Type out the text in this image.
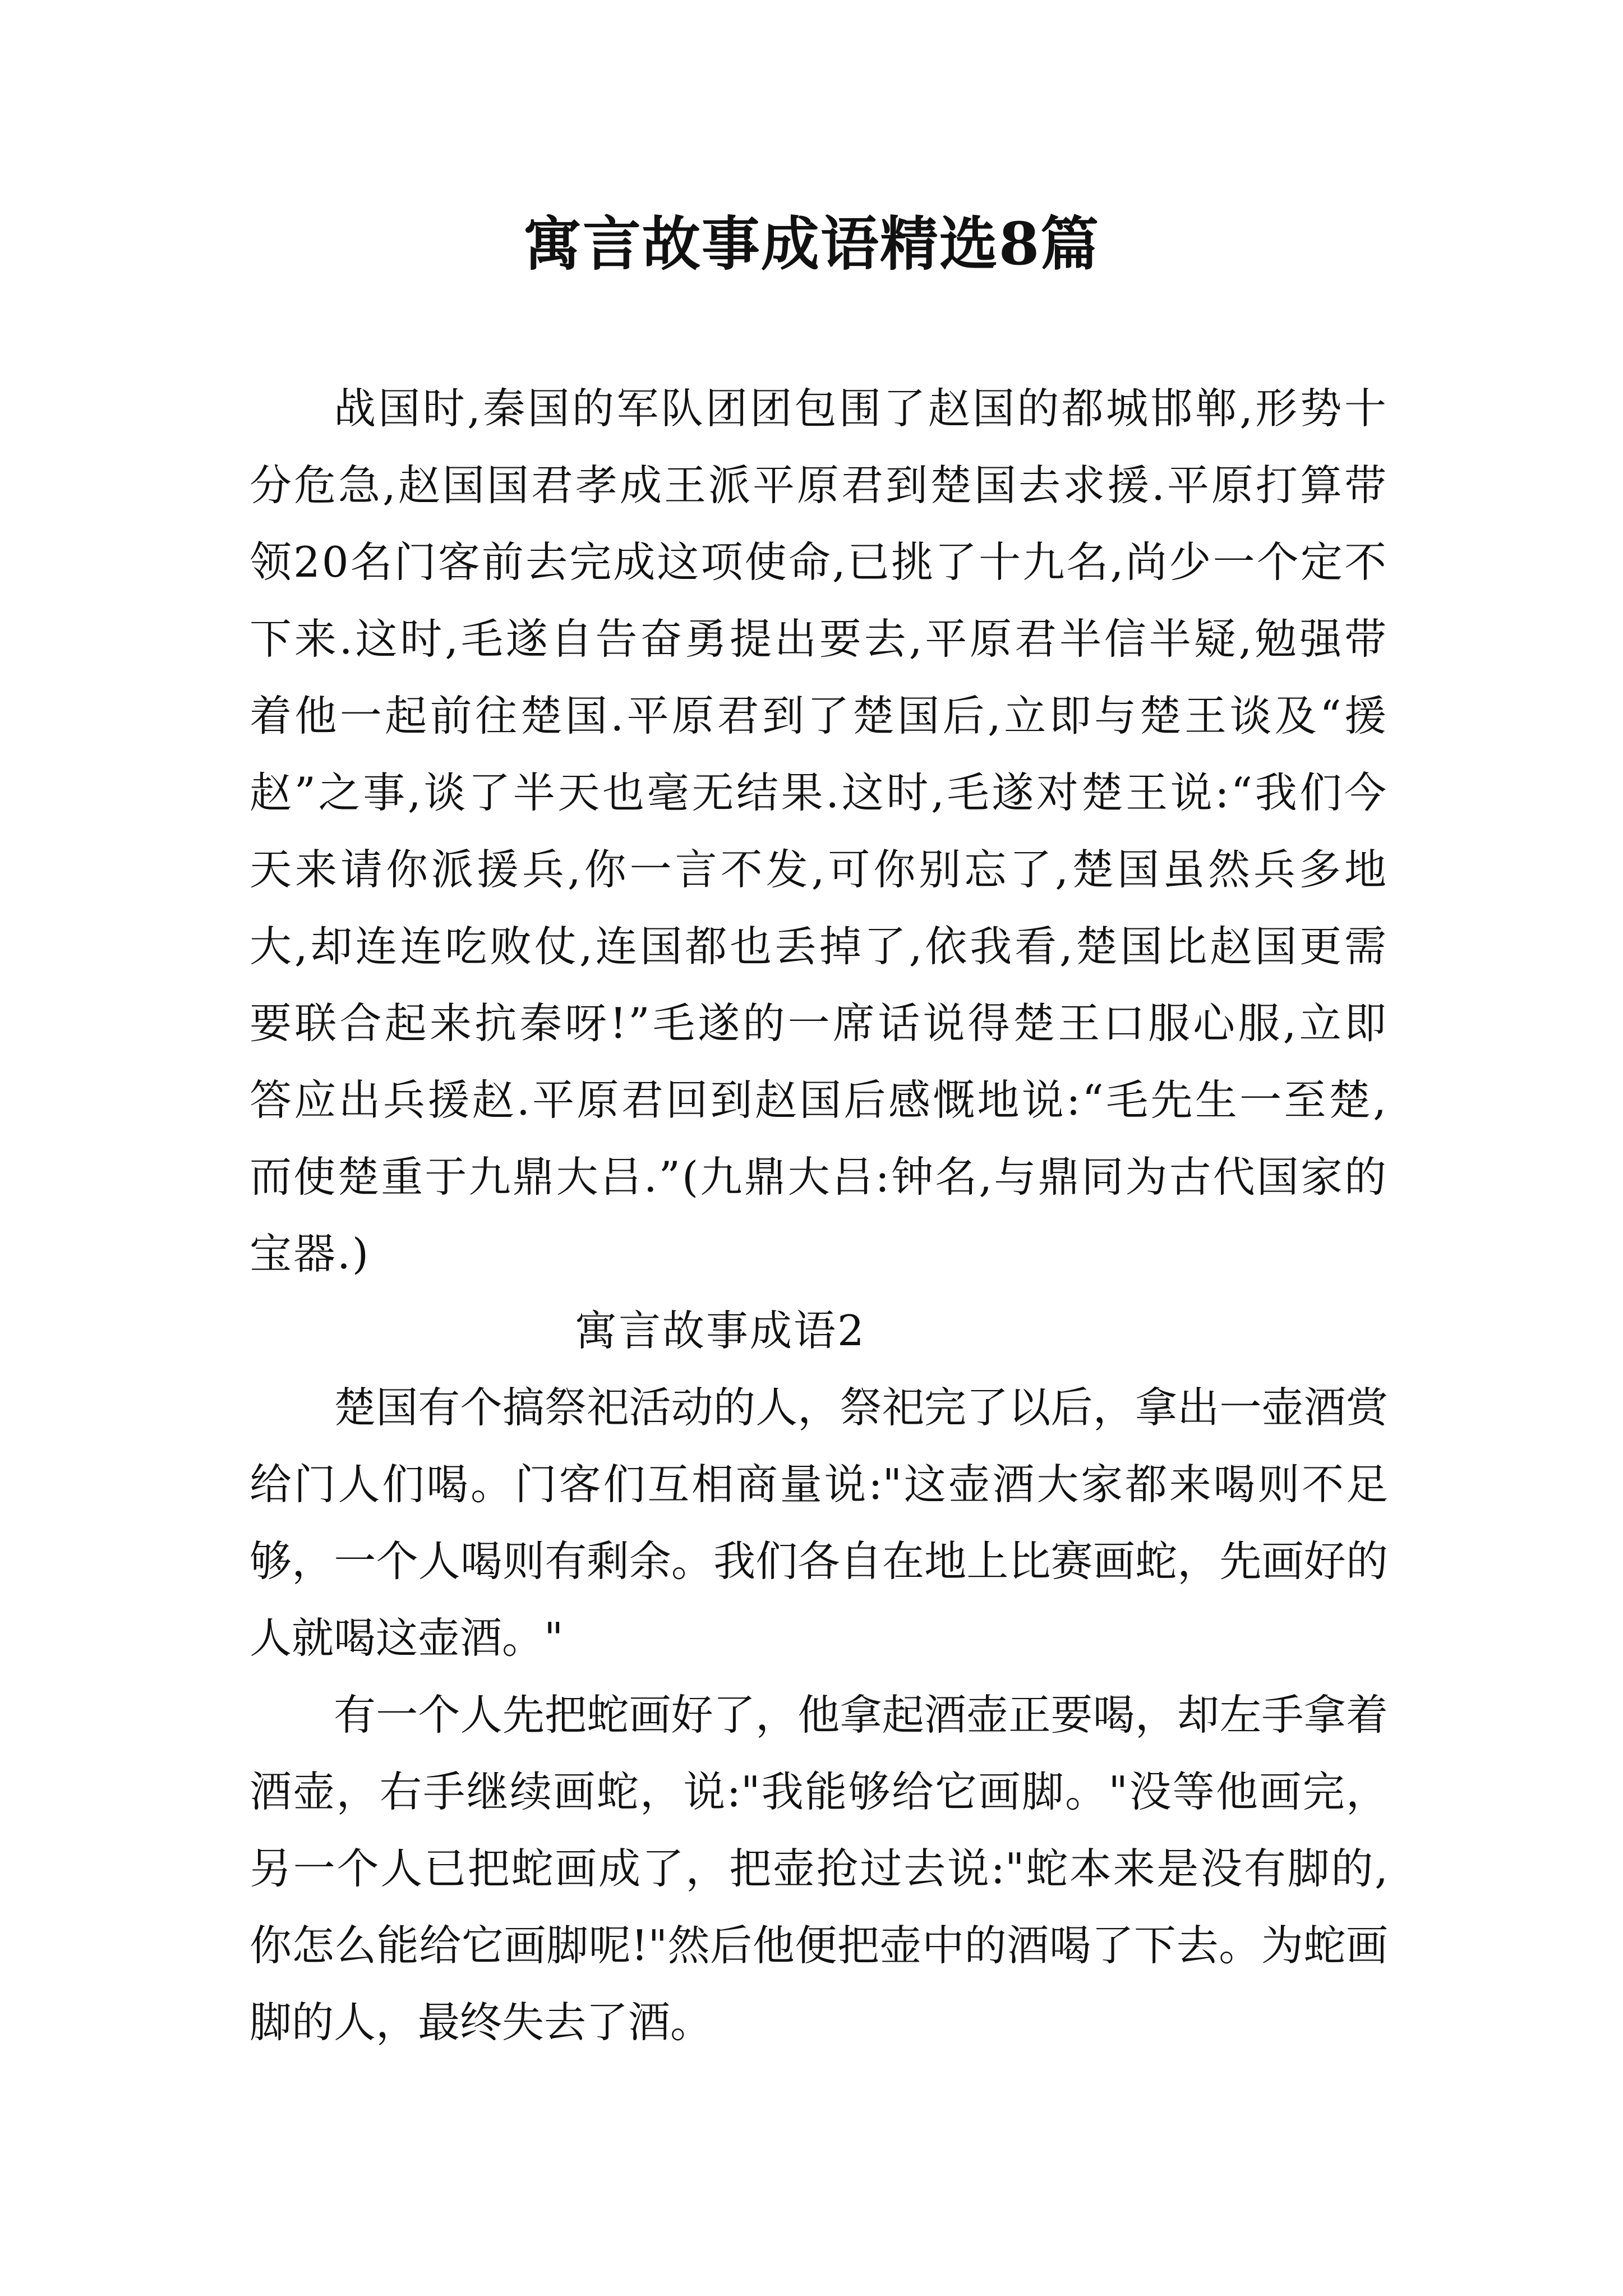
寓言故事成语精选8篇

战国时,秦国的军队团团包围了赵国的都城邯郸,形势十分危急,赵国国君孝成王派平原君到楚国去求援.平原打算带领20名门客前去完成这项使命,已挑了十九名,尚少一个定不下来.这时,毛遂自告奋勇提出要去,平原君半信半疑,勉强带着他一起前往楚国.平原君到了楚国后,立即与楚王谈及“援赵”之事,谈了半天也毫无结果.这时,毛遂对楚王说:“我们今天来请你派援兵,你一言不发,可你别忘了,楚国虽然兵多地大,却连连吃败仗,连国都也丢掉了,依我看,楚国比赵国更需要联合起来抗秦呀!”毛遂的一席话说得楚王口服心服,立即答应出兵援赵.平原君回到赵国后感慨地说:“毛先生一至楚,而使楚重于九鼎大吕.”(九鼎大吕:钟名,与鼎同为古代国家的宝器.)

寓言故事成语2

楚国有个搞祭祀活动的人，祭祀完了以后，拿出一壶酒赏给门人们喝。门客们互相商量说:"这壶酒大家都来喝则不足够，一个人喝则有剩余。我们各自在地上比赛画蛇，先画好的人就喝这壶酒。"

有一个人先把蛇画好了，他拿起酒壶正要喝，却左手拿着酒壶，右手继续画蛇，说:"我能够给它画脚。"没等他画完，另一个人已把蛇画成了，把壶抢过去说:"蛇本来是没有脚的,你怎么能给它画脚呢!"然后他便把壶中的酒喝了下去。为蛇画脚的人，最终失去了酒。
